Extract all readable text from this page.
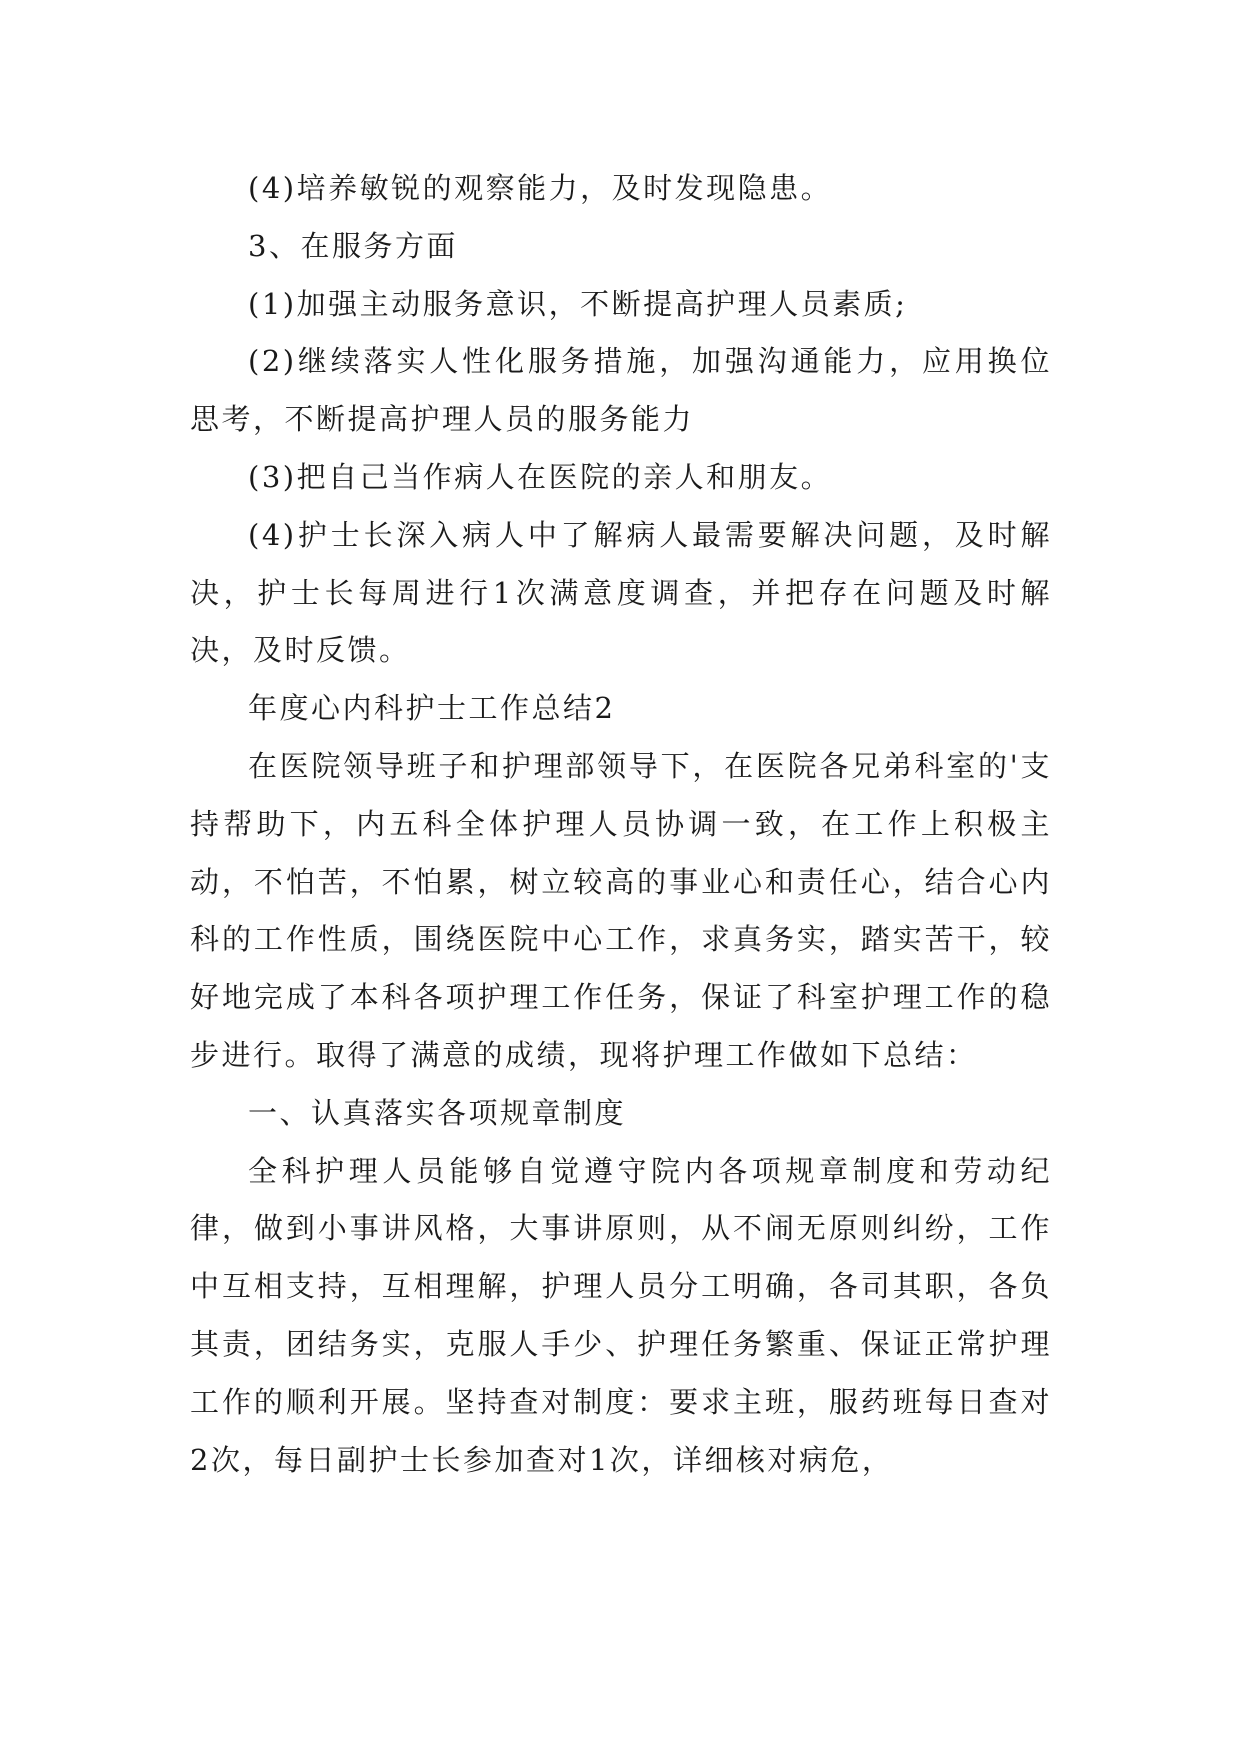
(4)培养敏锐的观察能力，及时发现隐患。

3、在服务方面

(1)加强主动服务意识，不断提高护理人员素质;

(2)继续落实人性化服务措施，加强沟通能力，应用换位思考，不断提高护理人员的服务能力

(3)把自己当作病人在医院的亲人和朋友。

(4)护士长深入病人中了解病人最需要解决问题，及时解决，护士长每周进行1次满意度调查，并把存在问题及时解决，及时反馈。

年度心内科护士工作总结2

在医院领导班子和护理部领导下，在医院各兄弟科室的'支持帮助下，内五科全体护理人员协调一致，在工作上积极主动，不怕苦，不怕累，树立较高的事业心和责任心，结合心内科的工作性质，围绕医院中心工作，求真务实，踏实苦干，较好地完成了本科各项护理工作任务，保证了科室护理工作的稳步进行。取得了满意的成绩，现将护理工作做如下总结：

一、认真落实各项规章制度

全科护理人员能够自觉遵守院内各项规章制度和劳动纪律，做到小事讲风格，大事讲原则，从不闹无原则纠纷，工作中互相支持，互相理解，护理人员分工明确，各司其职，各负其责，团结务实，克服人手少、护理任务繁重、保证正常护理工作的顺利开展。坚持查对制度：要求主班，服药班每日查对2次，每日副护士长参加查对1次，详细核对病危，
